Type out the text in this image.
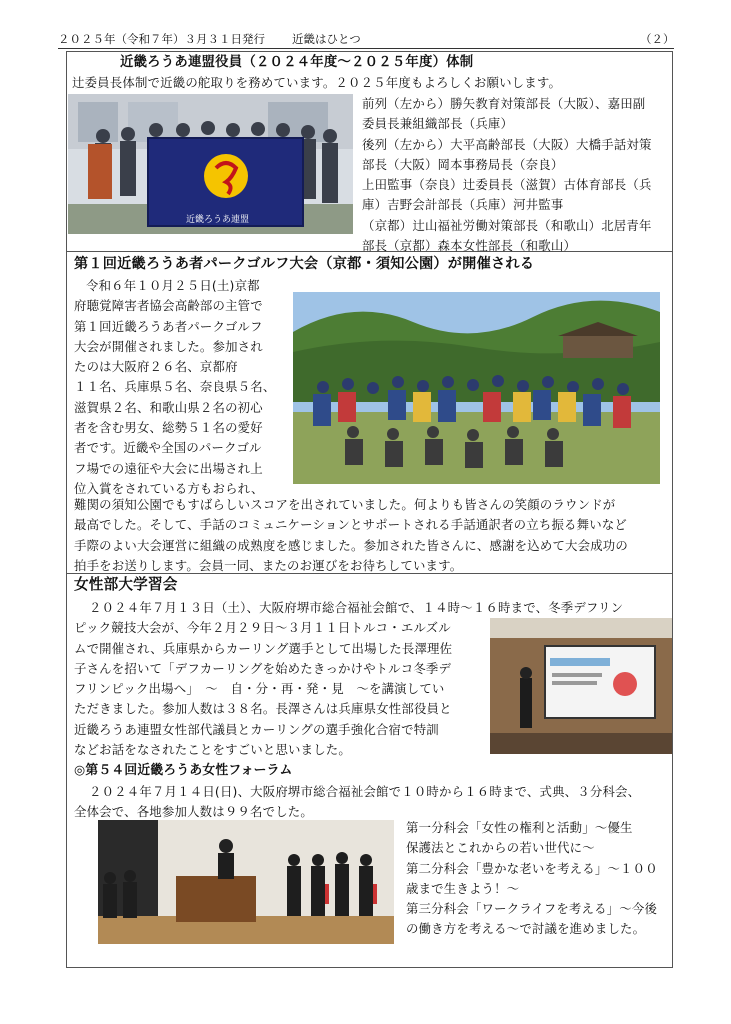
２０２５年（令和７年）３月３１日発行 近畿はひとつ	（２）
近畿ろうあ連盟役員（２０２４年度〜２０２５年度）体制
辻委員長体制で近畿の舵取りを務めています。２０２５年度もよろしくお願いします。
近畿ろうあ連盟
前列（左から）勝矢教育対策部長（大阪）、嘉田副
委員長兼組織部長（兵庫）
後列（左から）大平高齢部長（大阪）大橋手話対策
部長（大阪）岡本事務局長（奈良）
上田監事（奈良）辻委員長（滋賀）古体育部長（兵
庫）吉野会計部長（兵庫）河井監事
（京都）辻山福祉労働対策部長（和歌山）北居青年
部長（京都）森本女性部長（和歌山）
第１回近畿ろうあ者パークゴルフ大会（京都・須知公園）が開催される
令和６年１０月２５日(土)京都
府聴覚障害者協会高齢部の主管で
第１回近畿ろうあ者パークゴルフ
大会が開催されました。参加され
たのは大阪府２６名、京都府
１１名、兵庫県５名、奈良県５名、
滋賀県２名、和歌山県２名の初心
者を含む男女、総勢５１名の愛好
者です。近畿や全国のパークゴル
フ場での遠征や大会に出場され上
位入賞をされている方もおられ、
難関の須知公園でもすばらしいスコアを出されていました。何よりも皆さんの笑顔のラウンドが
最高でした。そして、手話のコミュニケーションとサポートされる手話通訳者の立ち振る舞いなど
手際のよい大会運営に組織の成熟度を感じました。参加された皆さんに、感謝を込めて大会成功の
拍手をお送りします。会員一同、またのお運びをお待ちしています。
女性部大学習会
２０２４年７月１３日（土）、大阪府堺市総合福祉会館で、１４時〜１６時まで、冬季デフリン
ピック競技大会が、今年２月２９日〜３月１１日トルコ・エルズル
ムで開催され、兵庫県からカーリング選手として出場した長澤理佐
子さんを招いて「デフカーリングを始めたきっかけやトルコ冬季デ
フリンピック出場へ」　〜　自・分・再・発・見　〜を講演してい
ただきました。参加人数は３８名。長澤さんは兵庫県女性部役員と
近畿ろうあ連盟女性部代議員とカーリングの選手強化合宿で特訓
などお話をなされたことをすごいと思いました。
◎第５４回近畿ろうあ女性フォーラム
２０２４年７月１４日(日)、大阪府堺市総合福祉会館で１０時から１６時まで、式典、３分科会、
全体会で、各地参加人数は９９名でした。
第一分科会「女性の権利と活動」〜優生
保護法とこれからの若い世代に〜
第二分科会「豊かな老いを考える」〜１００
歳まで生きよう！〜
第三分科会「ワークライフを考える」〜今後
の働き方を考える〜で討議を進めました。
